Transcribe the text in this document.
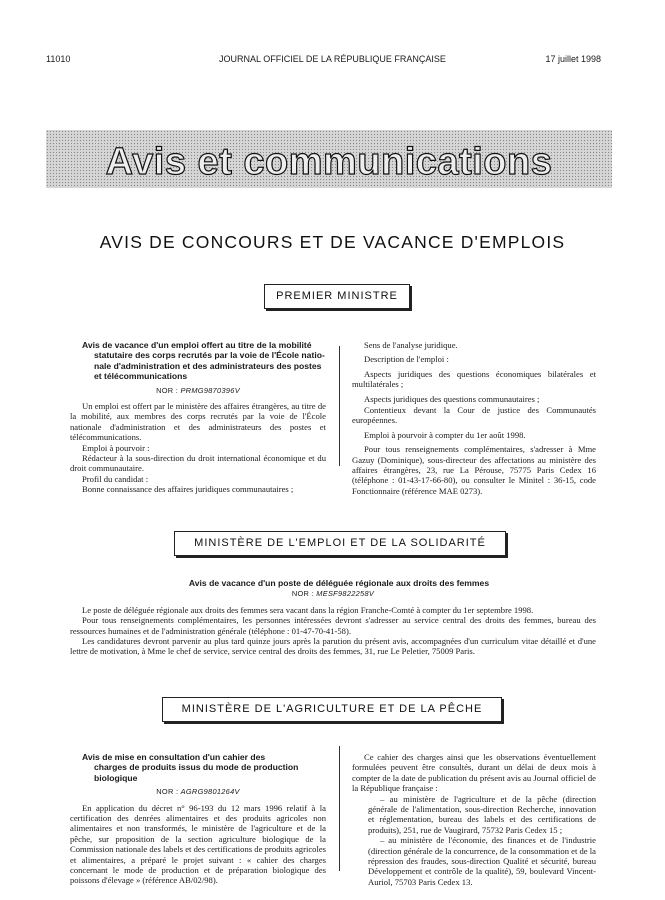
11010	JOURNAL OFFICIEL DE LA RÉPUBLIQUE FRANÇAISE	17 juillet 1998
Avis et communications
AVIS DE CONCOURS ET DE VACANCE D'EMPLOIS
PREMIER MINISTRE

Avis de vacance d'un emploi offert au titre de la mobilité

statutaire des corps recrutés par la voie de l'École natio-

nale d'administration et des administrateurs des postes

et télécommunications

NOR : PRMG9870396V

Un emploi est offert par le ministère des affaires étrangères, au titre de la mobilité, aux membres des corps recrutés par la voie de l'École nationale d'administration et des administrateurs des postes et télécommunications.

Emploi à pourvoir :

Rédacteur à la sous-direction du droit international économique et du droit communautaire.

Profil du candidat :

Bonne connaissance des affaires juridiques communautaires ;

Sens de l'analyse juridique.

Description de l'emploi :

Aspects juridiques des questions économiques bilatérales et multilatérales ;

Aspects juridiques des questions communautaires ;

Contentieux devant la Cour de justice des Communautés européennes.

Emploi à pourvoir à compter du 1er août 1998.

Pour tous renseignements complémentaires, s'adresser à Mme Gazuy (Dominique), sous-directeur des affectations au ministère des affaires étrangères, 23, rue La Pérouse, 75775 Paris Cedex 16 (téléphone : 01-43-17-66-80), ou consulter le Minitel : 36-15, code Fonctionnaire (référence MAE 0273).

MINISTÈRE DE L'EMPLOI ET DE LA SOLIDARITÉ

Avis de vacance d'un poste de déléguée régionale aux droits des femmes

NOR : MESF9822258V

Le poste de déléguée régionale aux droits des femmes sera vacant dans la région Franche-Comté à compter du 1er septembre 1998.

Pour tous renseignements complémentaires, les personnes intéressées devront s'adresser au service central des droits des femmes, bureau des ressources humaines et de l'administration générale (téléphone : 01-47-70-41-58).

Les candidatures devront parvenir au plus tard quinze jours après la parution du présent avis, accompagnées d'un curriculum vitae détaillé et d'une lettre de motivation, à Mme le chef de service, service central des droits des femmes, 31, rue Le Peletier, 75009 Paris.

MINISTÈRE DE L'AGRICULTURE ET DE LA PÊCHE

Avis de mise en consultation d'un cahier des

charges de produits issus du mode de production

biologique

NOR : AGRG9801264V

En application du décret n° 96-193 du 12 mars 1996 relatif à la certification des denrées alimentaires et des produits agricoles non alimentaires et non transformés, le ministère de l'agriculture et de la pêche, sur proposition de la section agriculture biologique de la Commission nationale des labels et des certifications de produits agricoles et alimentaires, a préparé le projet suivant : « cahier des charges concernant le mode de production et de préparation biologique des poissons d'élevage » (référence AB/02/98).

Ce cahier des charges ainsi que les observations éventuellement formulées peuvent être consultés, durant un délai de deux mois à compter de la date de publication du présent avis au Journal officiel de la République française :

– au ministère de l'agriculture et de la pêche (direction générale de l'alimentation, sous-direction Recherche, innovation et réglementation, bureau des labels et des certifications de produits), 251, rue de Vaugirard, 75732 Paris Cedex 15 ;

– au ministère de l'économie, des finances et de l'industrie (direction générale de la concurrence, de la consommation et de la répression des fraudes, sous-direction Qualité et sécurité, bureau Développement et contrôle de la qualité), 59, boulevard Vincent-Auriol, 75703 Paris Cedex 13.
